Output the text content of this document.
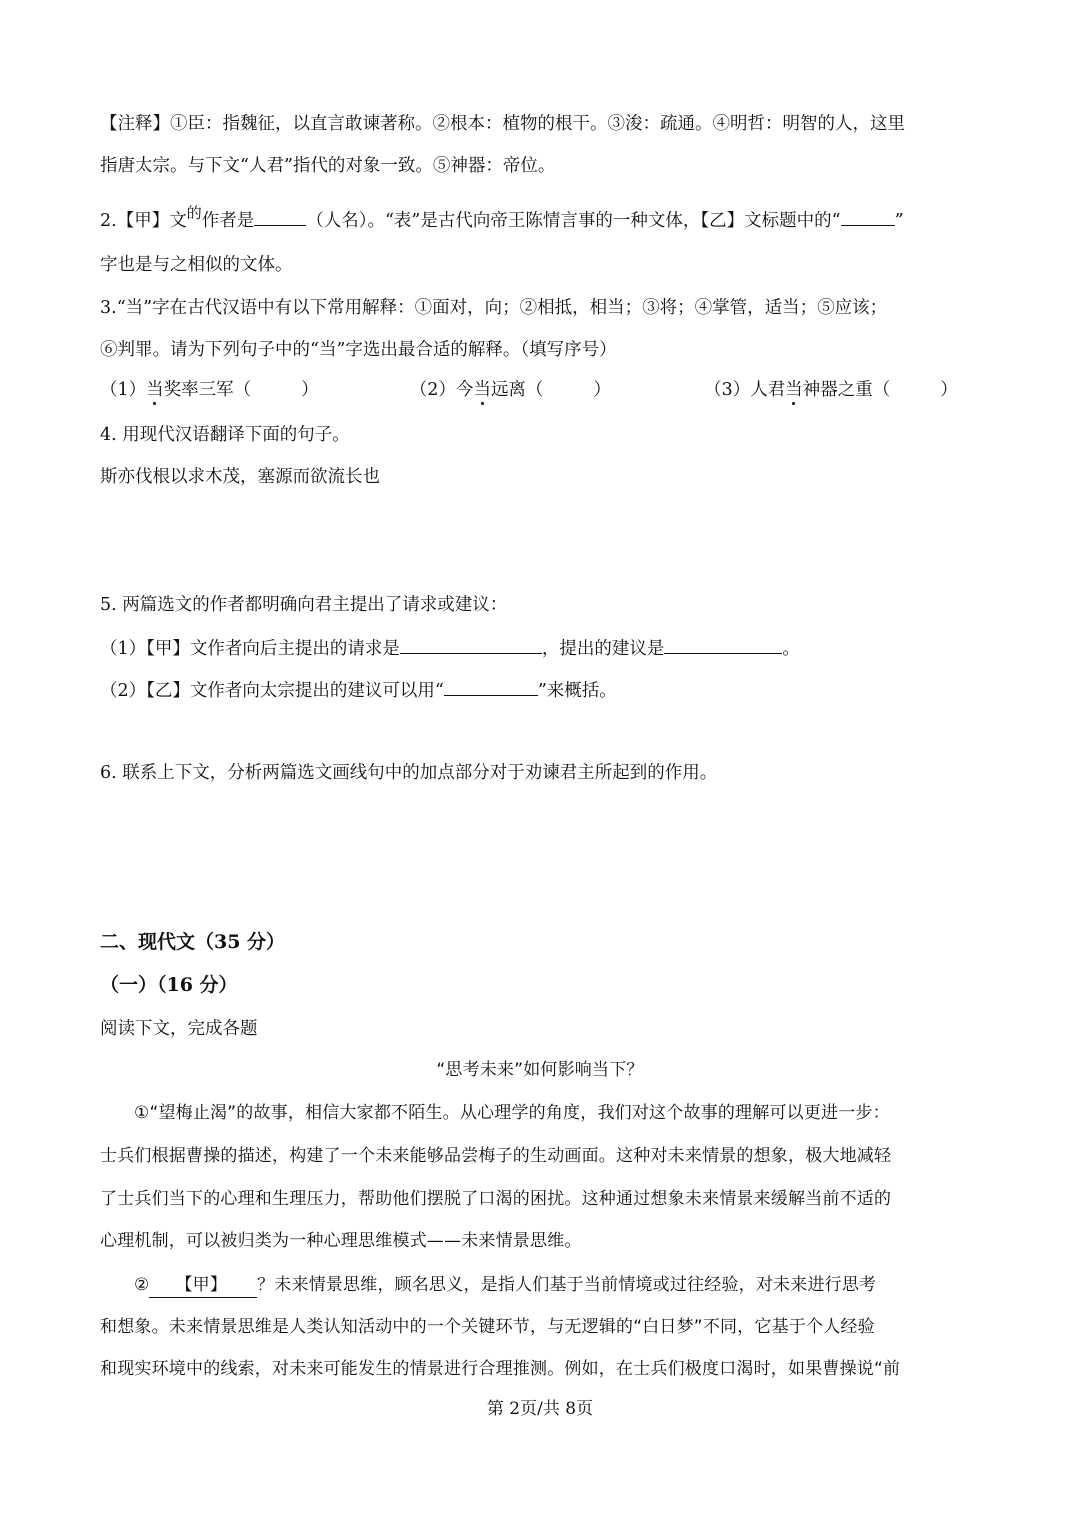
【注释】①臣：指魏征，以直言敢谏著称。②根本：植物的根干。③浚：疏通。④明哲：明智的人，这里
指唐太宗。与下文“人君”指代的对象一致。⑤神器：帝位。
2.【甲】文的作者是	（人名）。“表”是古代向帝王陈情言事的一种文体，【乙】文标题中的“	”
字也是与之相似的文体。
3.“当”字在古代汉语中有以下常用解释：①面对，向；②相抵，相当；③将；④掌管，适当；⑤应该；
⑥判罪。请为下列句子中的“当”字选出最合适的解释。（填写序号）
（1）当奖率三军（	）	（2）今当远离（	）	（3）人君当神器之重（	）
4. 用现代汉语翻译下面的句子。
斯亦伐根以求木茂，塞源而欲流长也
5. 两篇选文的作者都明确向君主提出了请求或建议：
（1）【甲】文作者向后主提出的请求是	，提出的建议是	。
（2）【乙】文作者向太宗提出的建议可以用“	”来概括。
6. 联系上下文，分析两篇选文画线句中的加点部分对于劝谏君主所起到的作用。
二、现代文（35 分）
（一）（16 分）
阅读下文，完成各题
“思考未来”如何影响当下？
①“望梅止渴”的故事，相信大家都不陌生。从心理学的角度，我们对这个故事的理解可以更进一步：
士兵们根据曹操的描述，构建了一个未来能够品尝梅子的生动画面。这种对未来情景的想象，极大地减轻
了士兵们当下的心理和生理压力，帮助他们摆脱了口渴的困扰。这种通过想象未来情景来缓解当前不适的
心理机制，可以被归类为一种心理思维模式——未来情景思维。
② 【甲】 ？未来情景思维，顾名思义，是指人们基于当前情境或过往经验，对未来进行思考
和想象。未来情景思维是人类认知活动中的一个关键环节，与无逻辑的“白日梦”不同，它基于个人经验
和现实环境中的线索，对未来可能发生的情景进行合理推测。例如，在士兵们极度口渴时，如果曹操说“前
第 2页/共 8页
